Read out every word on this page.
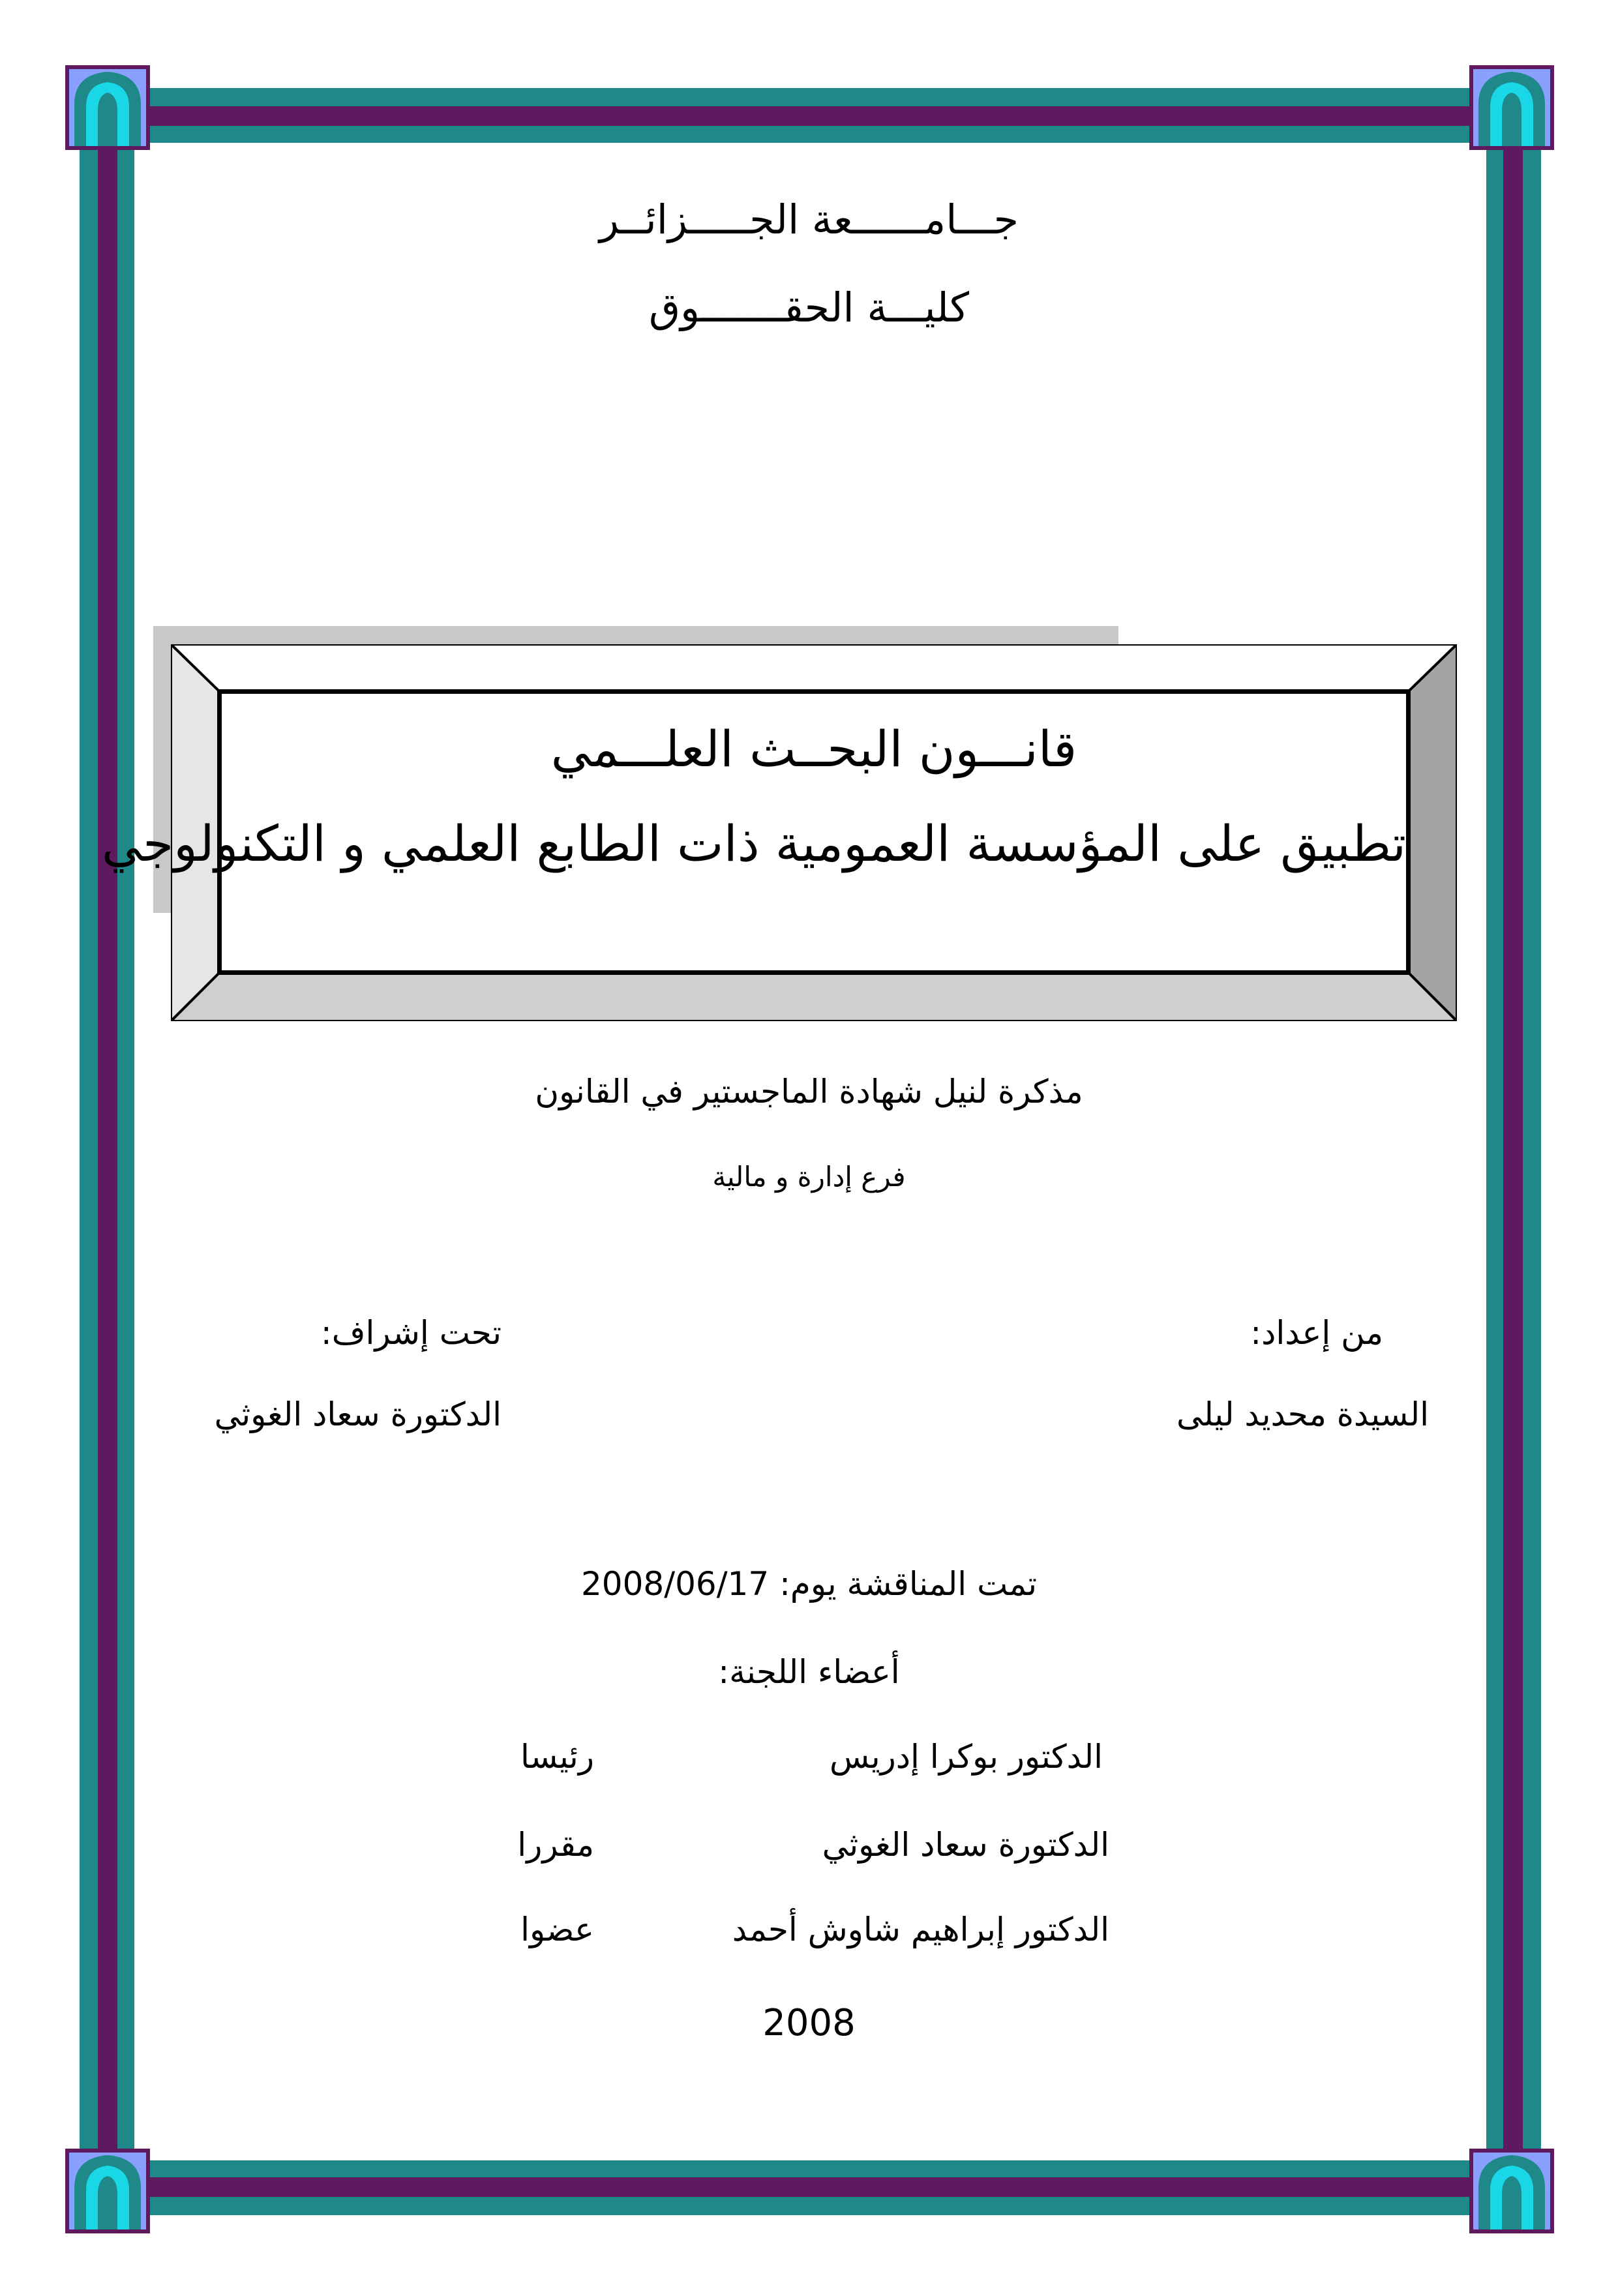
جـــامــــــعة الجـــــزائــر
كليـــة الحقـــــــوق
قانـــون البحــث العلـــمي
تطبيق على المؤسسة العمومية ذات الطابع العلمي و التكنولوجي
مذكرة لنيل شهادة الماجستير في القانون
فرع إدارة و مالية
من إعداد:
السيدة محديد ليلى
تحت إشراف:
الدكتورة سعاد الغوثي
تمت المناقشة يوم: 2008/06/17
أعضاء اللجنة:
الدكتور بوكرا إدريس
رئيسا
الدكتورة سعاد الغوثي
مقررا
الدكتور إبراهيم شاوش أحمد
عضوا
2008
